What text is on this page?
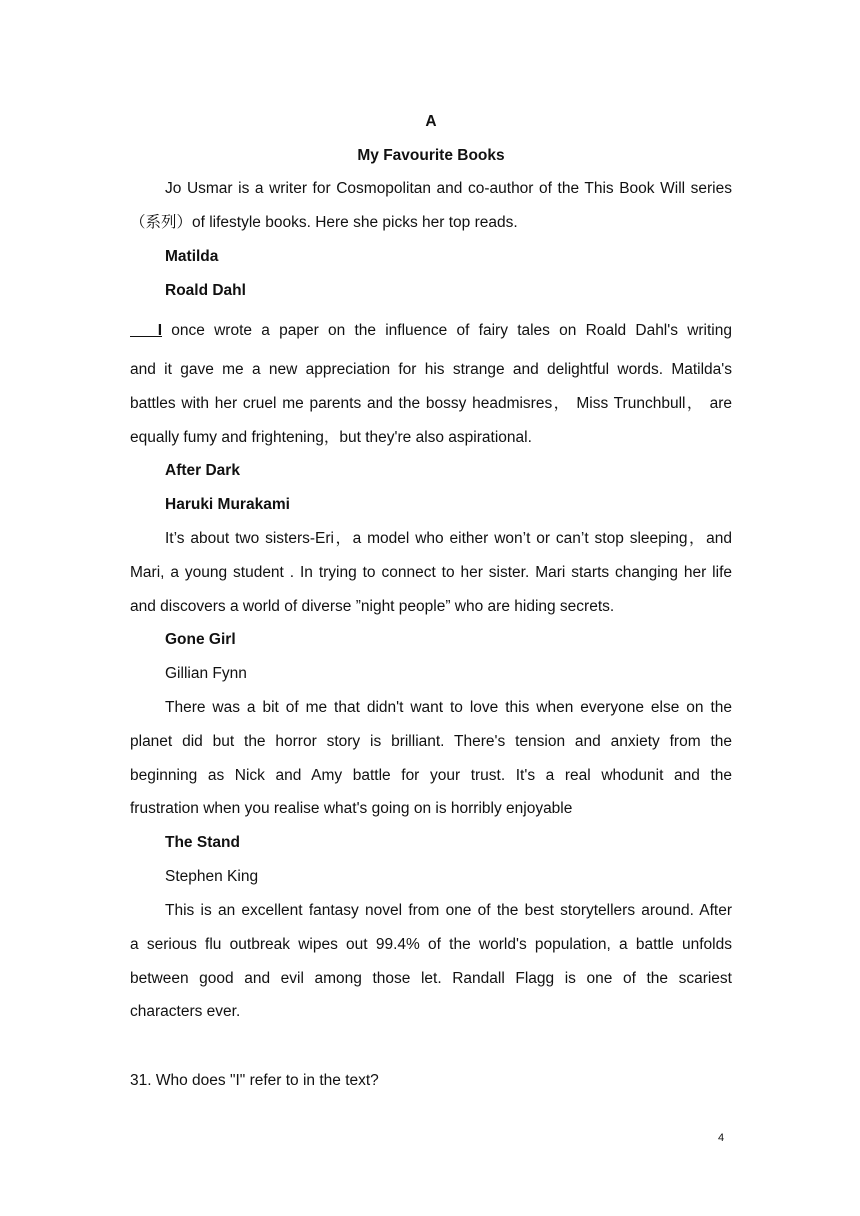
A
My Favourite Books
Jo Usmar is a writer for Cosmopolitan and co-author of the This Book Will series
（系列）of lifestyle books. Here she picks her top reads.
Matilda
Roald Dahl
I once wrote a paper on the influence of fairy tales on Roald Dahl's writing
and it gave me a new appreciation for his strange and delightful words. Matilda's
battles with her cruel me parents and the bossy headmisres， Miss Trunchbull， are
equally fumy and frightening，but they're also aspirational.
After Dark
Haruki Murakami
It’s about two sisters-Eri，a model who either won’t or can’t stop sleeping，and
Mari, a young student . In trying to connect to her sister. Mari starts changing her life
and discovers a world of diverse ”night people” who are hiding secrets.
Gone Girl
Gillian Fynn
There was a bit of me that didn't want to love this when everyone else on the
planet did but the horror story is brilliant. There's tension and anxiety from the
beginning as Nick and Amy battle for your trust. It's a real whodunit and the
frustration when you realise what's going on is horribly enjoyable
The Stand
Stephen King
This is an excellent fantasy novel from one of the best storytellers around. After
a serious flu outbreak wipes out 99.4% of the world's population, a battle unfolds
between good and evil among those let. Randall Flagg is one of the scariest
characters ever.
31. Who does "I" refer to in the text?
4
